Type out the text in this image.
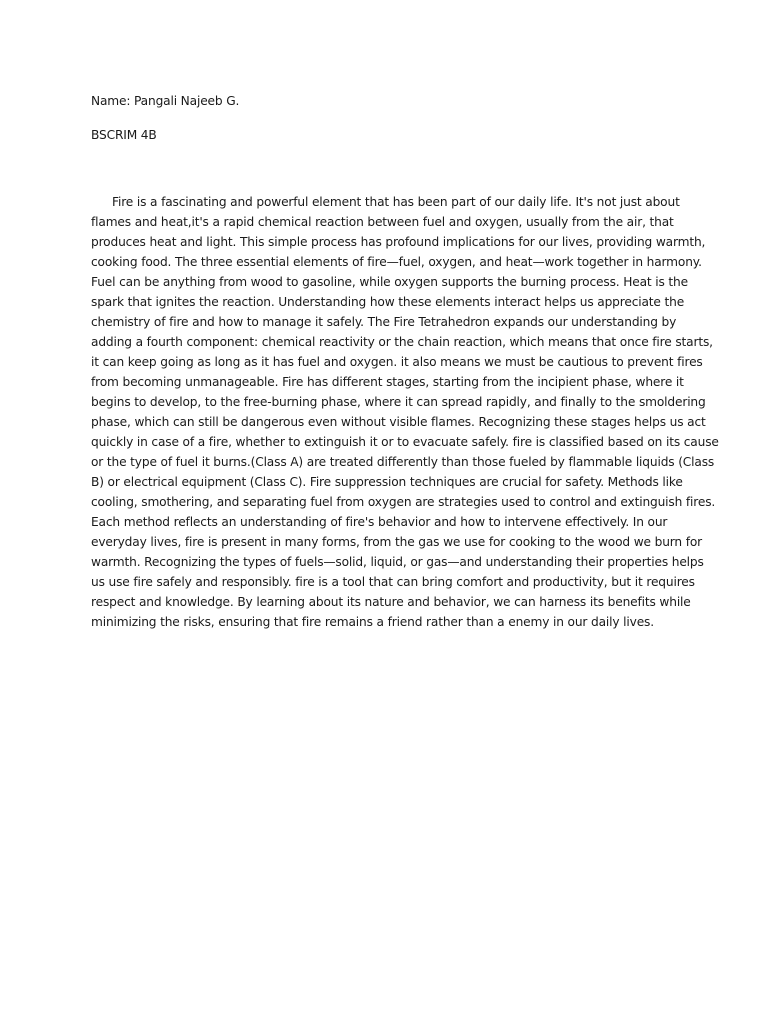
Name: Pangali Najeeb G.

BSCRIM 4B

Fire is a fascinating and powerful element that has been part of our daily life. It's not just about
flames and heat,it's a rapid chemical reaction between fuel and oxygen, usually from the air, that
produces heat and light. This simple process has profound implications for our lives, providing warmth,
cooking food. The three essential elements of fire—fuel, oxygen, and heat—work together in harmony.
Fuel can be anything from wood to gasoline, while oxygen supports the burning process. Heat is the
spark that ignites the reaction. Understanding how these elements interact helps us appreciate the
chemistry of fire and how to manage it safely. The Fire Tetrahedron expands our understanding by
adding a fourth component: chemical reactivity or the chain reaction, which means that once fire starts,
it can keep going as long as it has fuel and oxygen. it also means we must be cautious to prevent fires
from becoming unmanageable. Fire has different stages, starting from the incipient phase, where it
begins to develop, to the free-burning phase, where it can spread rapidly, and finally to the smoldering
phase, which can still be dangerous even without visible flames. Recognizing these stages helps us act
quickly in case of a fire, whether to extinguish it or to evacuate safely. fire is classified based on its cause
or the type of fuel it burns.(Class A) are treated differently than those fueled by flammable liquids (Class
B) or electrical equipment (Class C). Fire suppression techniques are crucial for safety. Methods like
cooling, smothering, and separating fuel from oxygen are strategies used to control and extinguish fires.
Each method reflects an understanding of fire's behavior and how to intervene effectively. In our
everyday lives, fire is present in many forms, from the gas we use for cooking to the wood we burn for
warmth. Recognizing the types of fuels—solid, liquid, or gas—and understanding their properties helps
us use fire safely and responsibly. fire is a tool that can bring comfort and productivity, but it requires
respect and knowledge. By learning about its nature and behavior, we can harness its benefits while
minimizing the risks, ensuring that fire remains a friend rather than a enemy in our daily lives.
